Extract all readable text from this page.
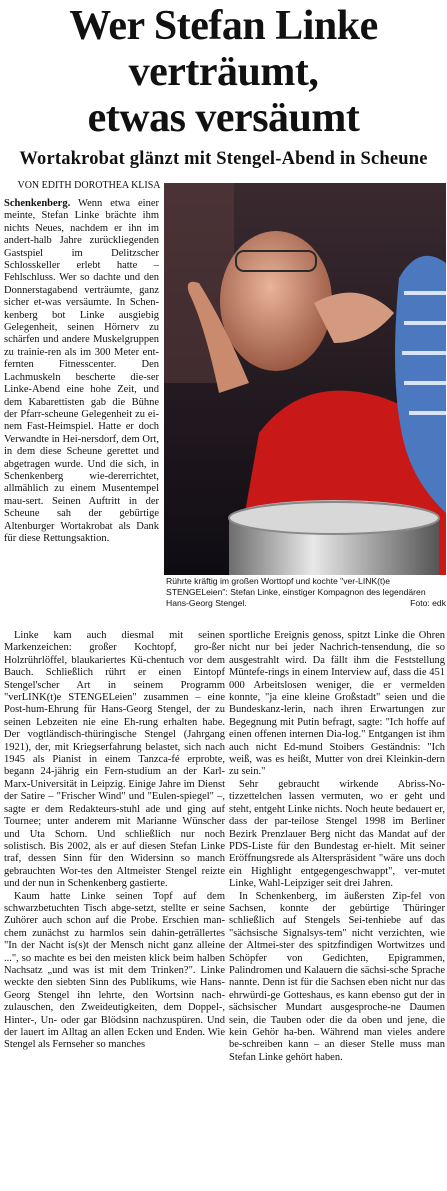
Wer Stefan Linke
verträumt,
etwas versäumt
Wortakrobat glänzt mit Stengel-Abend in Scheune
VON EDITH DOROTHEA KLISA
Rührte kräftig im großen Worttopf und kochte "ver-LINK(t)e STENGELeien": Stefan Linke, einstiger Kompagnon des legendären Hans-Georg Stengel.	Foto: edk

Schenkenberg. Wenn etwa einer meinte, Stefan Linke brächte ihm nichts Neues, nachdem er ihn im andert-halb Jahre zurückliegenden Gastspiel im Delitzscher Schlosskeller erlebt hatte – Fehlschluss. Wer so dachte und den Donnerstagabend verträumte, ganz sicher et-was versäumte. In Schen-kenberg bot Linke ausgiebig Gelegenheit, seinen Hörnerv zu schärfen und andere Muskelgruppen zu trainie-ren als im 300 Meter ent-fernten Fitnesscenter. Den Lachmuskeln bescherte die-ser Linke-Abend eine hohe Zeit, und dem Kabarettisten gab die Bühne der Pfarr-scheune Gelegenheit zu ei-nem Fast-Heimspiel. Hatte er doch Verwandte in Hei-nersdorf, dem Ort, in dem diese Scheune gerettet und abgetragen wurde. Und die sich, in Schenkenberg wie-dererrichtet, allmählich zu einem Musentempel mau-sert. Seinen Auftritt in der Scheune sah der gebürtige Altenburger Wortakrobat als Dank für diese Rettungsaktion.

Linke kam auch diesmal mit seinen Markenzeichen: großer Kochtopf, gro-ßer Holzrührlöffel, blaukariertes Kü-chentuch vor dem Bauch. Schließlich rührt er einen Eintopf Stengel'scher Art in seinem Programm "verLINK(t)e STENGELeien" zusammen – eine Post-hum-Ehrung für Hans-Georg Stengel, der zu seinen Lebzeiten nie eine Eh-rung erhalten habe. Der vogtländisch-thüringische Stengel (Jahrgang 1921), der, mit Kriegserfahrung belastet, sich nach 1945 als Pianist in einem Tanzca-fé erprobte, begann 24-jährig ein Fern-studium an der Karl-Marx-Universität in Leipzig. Einige Jahre im Dienst der Satire – "Frischer Wind" und "Eulen-spiegel" –, sagte er dem Redakteurs-stuhl ade und ging auf Tournee; unter anderem mit Marianne Wünscher und Uta Schorn. Und schließlich nur noch solistisch. Bis 2002, als er auf diesen Stefan Linke traf, dessen Sinn für den Widersinn so manch gebrauchten Wor-tes den Altmeister Stengel reizte und der nun in Schenkenberg gastierte.

Kaum hatte Linke seinen Topf auf dem schwarzbetuchten Tisch abge-setzt, stellte er seine Zuhörer auch schon auf die Probe. Erschien man-chem zunächst zu harmlos sein dahin-geträllertes "In der Nacht is(s)t der Mensch nicht ganz alleine ...", so machte es bei den meisten klick beim halben Nachsatz „und was ist mit dem Trinken?". Linke weckte den siebten Sinn des Publikums, wie Hans-Georg Stengel ihn lehrte, den Wortsinn nach-zulauschen, den Zweideutigkeiten, dem Doppel-, Hinter-, Un- oder gar Blödsinn nachzuspüren. Und der lauert im Alltag an allen Ecken und Enden. Wie Stengel als Fernseher so manches

sportliche Ereignis genoss, spitzt Linke die Ohren nicht nur bei jeder Nachrich-tensendung, die so ausgestrahlt wird. Da fällt ihm die Feststellung Müntefe-rings in einem Interview auf, dass die 451 000 Arbeitslosen weniger, die er vermelden konnte, "ja eine kleine Großstadt" seien und die Bundeskanz-lerin, nach ihren Erwartungen zur Begegnung mit Putin befragt, sagte: "Ich hoffe auf einen offenen internen Dia-log." Entgangen ist ihm auch nicht Ed-mund Stoibers Geständnis: "Ich weiß, was es heißt, Mutter von drei Kleinkin-dern zu sein."

Sehr gebraucht wirkende Abriss-No-tizzettelchen lassen vermuten, wo er geht und steht, entgeht Linke nichts. Noch heute bedauert er, dass der par-teilose Stengel 1998 im Berliner Bezirk Prenzlauer Berg nicht das Mandat auf der PDS-Liste für den Bundestag er-hielt. Mit seiner Eröffnungsrede als Alterspräsident "wäre uns doch ein Highlight entgegengeschwappt", ver-mutet Linke, Wahl-Leipziger seit drei Jahren.

In Schenkenberg, im äußersten Zip-fel von Sachsen, konnte der gebürtige Thüringer schließlich auf Stengels Sei-tenhiebe auf das "sächsische Signalsys-tem" nicht verzichten, wie der Altmei-ster des spitzfindigen Wortwitzes und Schöpfer von Gedichten, Epigrammen, Palindromen und Kalauern die sächsi-sche Sprache nannte. Denn ist für die Sachsen eben nicht nur das ehrwürdi-ge Gotteshaus, es kann ebenso gut der in sächsischer Mundart ausgesproche-ne Daumen sein, die Tauben oder die da oben und jene, die kein Gehör ha-ben. Während man vieles andere be-schreiben kann – an dieser Stelle muss man Stefan Linke gehört haben.
